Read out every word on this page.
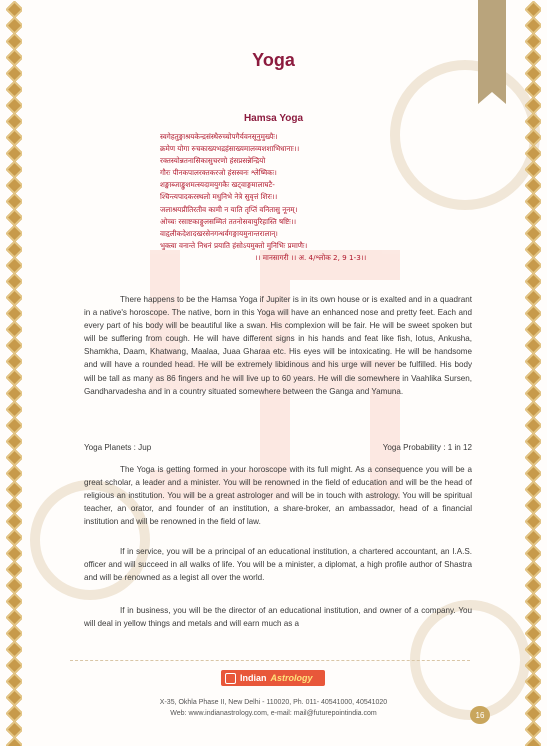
Yoga
Hamsa Yoga
स्वगेहतुङ्गाश्रयकेन्द्रसंस्थैरुच्चोपगैर्यवनसूनुमुख्यैः।
क्रमेण योगा रुचकाख्यभद्रहंसाख्यमालव्यशशाभिधानाः।।
रक्तस्योन्नतनासिकासुचरणो हंसप्रसन्नेन्द्रियो
गौरः पीनकपालरक्तकरजो हंसस्वनः श्लेष्मिकः।
शङ्खाब्जाङ्कुशमत्स्यदामयुगकैः खट्वाङ्गमालाघटै-
श्चिन्त्यपादकरस्थलो मधुनिभे नेत्रे सुवृत्तं शिरः।।
जलाश्रयप्रीतिरतीव कामी न याति तृप्तिं वनितासु नूनम्।
ओच्चः रसाष्टकाङ्गुलसम्मितं ततनोसवायुरिहास्ति षष्टिः।।
वाहृलीकदेशादखरसेनगन्धर्वगङ्गायमुनान्तरालान्।
भुक्त्वा वनान्ते निधनं प्रयाति हंसोऽयमुक्तो मुनिभिः प्रमाणैः।
।। मानसागरी ।। अ. 4/श्लोक 2, 9 1-3।।

There happens to be the Hamsa Yoga if Jupiter is in its own house or is exalted and in a quadrant in a native's horoscope. The native, born in this Yoga will have an enhanced nose and pretty feet. Each and every part of his body will be beautiful like a swan. His complexion will be fair. He will be sweet spoken but will be suffering from cough. He will have different signs in his hands and feat like fish, lotus, Ankusha, Shamkha, Daam, Khatwang, Maalaa, Juaa Gharaa etc. His eyes will be intoxicating. He will be handsome and will have a rounded head. He will be extremely libidinous and his urge will never be fulfilled. His body will be tall as many as 86 fingers and he will live up to 60 years. He will die somewhere in Vaahlika Sursen, Gandharvadesha and in a country situated somewhere between the Ganga and Yamuna.

Yoga Planets : Jup	Yoga Probability : 1 in 12

The Yoga is getting formed in your horoscope with its full might. As a consequence you will be a great scholar, a leader and a minister. You will be renowned in the field of education and will be the head of religious an institution. You will be a great astrologer and will be in touch with astrology. You will be spiritual teacher, an orator, and founder of an institution, a share-broker, an ambassador, head of a financial institution and will be renowned in the field of law.

If in service, you will be a principal of an educational institution, a chartered accountant, an I.A.S. officer and will succeed in all walks of life. You will be a minister, a diplomat, a high profile author of Shastra and will be renowned as a legist all over the world.

If in business, you will be the director of an educational institution, and owner of a company. You will deal in yellow things and metals and will earn much as a

Indian Astrology
X-35, Okhla Phase II, New Delhi - 110020, Ph. 011- 40541000, 40541020
Web: www.indianastrology.com, e-mail: mail@futurepointindia.com	16
